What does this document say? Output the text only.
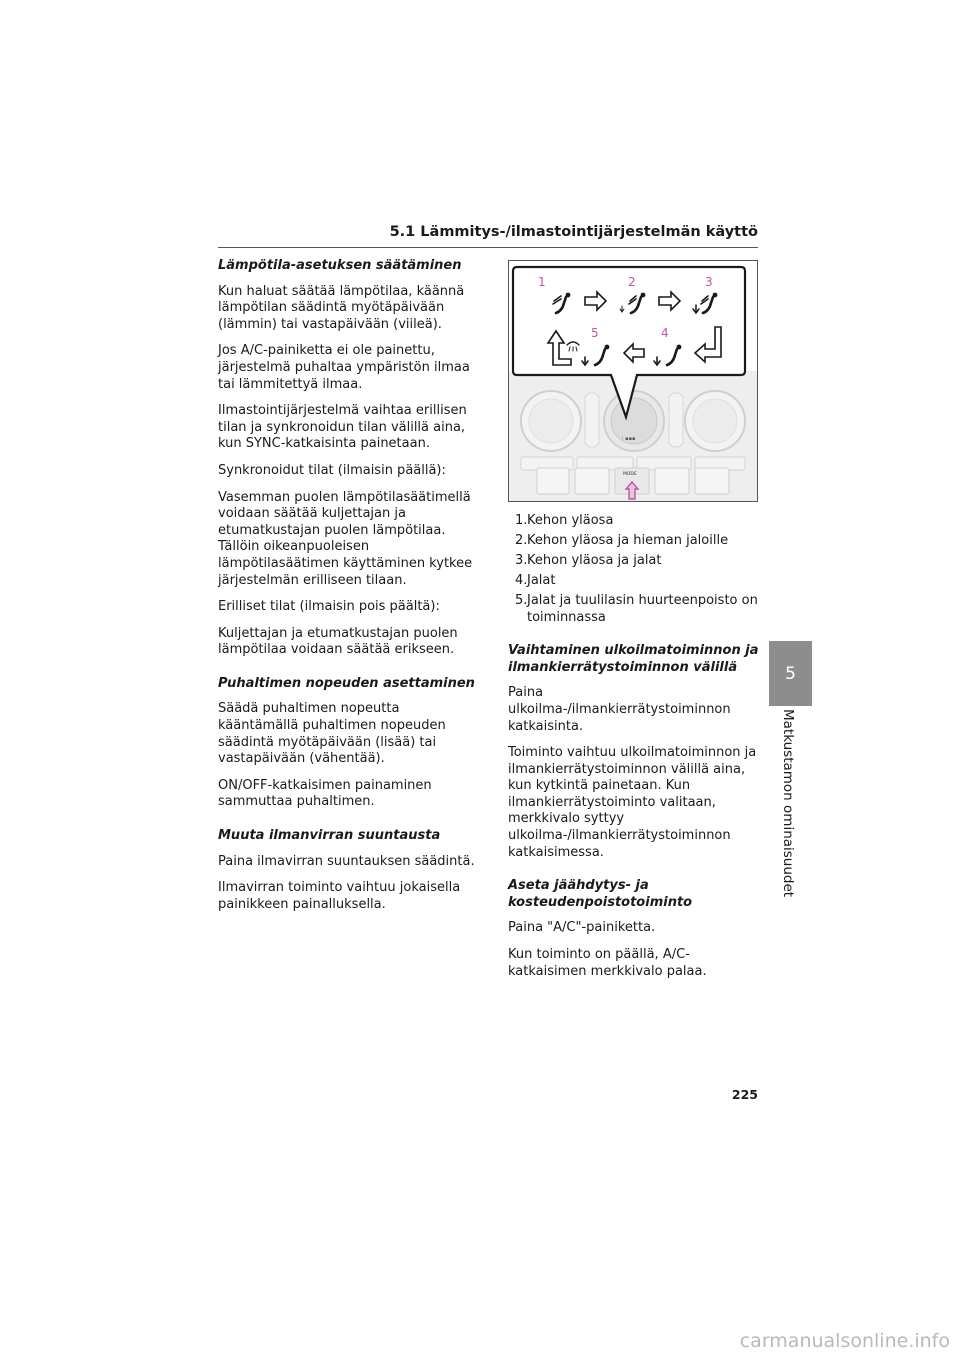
5.1 Lämmitys-/ilmastointijärjestelmän käyttö
Lämpötila-asetuksen säätäminen

Kun haluat säätää lämpötilaa, käännä lämpötilan säädintä myötäpäivään (lämmin) tai vastapäivään (viileä).

Jos A/C-painiketta ei ole painettu, järjestelmä puhaltaa ympäristön ilmaa tai lämmitettyä ilmaa.

Ilmastointijärjestelmä vaihtaa erillisen tilan ja synkronoidun tilan välillä aina, kun SYNC-katkaisinta painetaan.

Synkronoidut tilat (ilmaisin päällä):

Vasemman puolen lämpötilasäätimellä voidaan säätää kuljettajan ja etumatkustajan puolen lämpötilaa. Tällöin oikeanpuoleisen lämpötilasäätimen käyttäminen kytkee järjestelmän erilliseen tilaan.

Erilliset tilat (ilmaisin pois päältä):

Kuljettajan ja etumatkustajan puolen lämpötilaa voidaan säätää erikseen.

Puhaltimen nopeuden asettaminen

Säädä puhaltimen nopeutta kääntämällä puhaltimen nopeuden säädintä myötäpäivään (lisää) tai vastapäivään (vähentää).

ON/OFF-katkaisimen painaminen sammuttaa puhaltimen.

Muuta ilmanvirran suuntausta

Paina ilmavirran suuntauksen säädintä.

Ilmavirran toiminto vaihtuu jokaisella painikkeen painalluksella.

⁝ ▪▪▪
MODE
1	2	3
4
5
1. Kehon yläosa
2. Kehon yläosa ja hieman jaloille
3. Kehon yläosa ja jalat
4. Jalat
5. Jalat ja tuulilasin huurteenpoisto on toiminnassa
Vaihtaminen ulkoilmatoiminnon ja ilmankierrätystoiminnon välillä

Paina ulkoilma-/ilmankierrätystoiminnon katkaisinta.

Toiminto vaihtuu ulkoilmatoiminnon ja ilmankierrätystoiminnon välillä aina, kun kytkintä painetaan. Kun ilmankierrätystoiminto valitaan, merkkivalo syttyy ulkoilma-/ilmankierrätystoiminnon katkaisimessa.

Aseta jäähdytys- ja kosteudenpoistotoiminto

Paina "A/C"-painiketta.

Kun toiminto on päällä, A/C-katkaisimen merkkivalo palaa.

5
Matkustamon ominaisuudet
225
carmanualsonline.info
